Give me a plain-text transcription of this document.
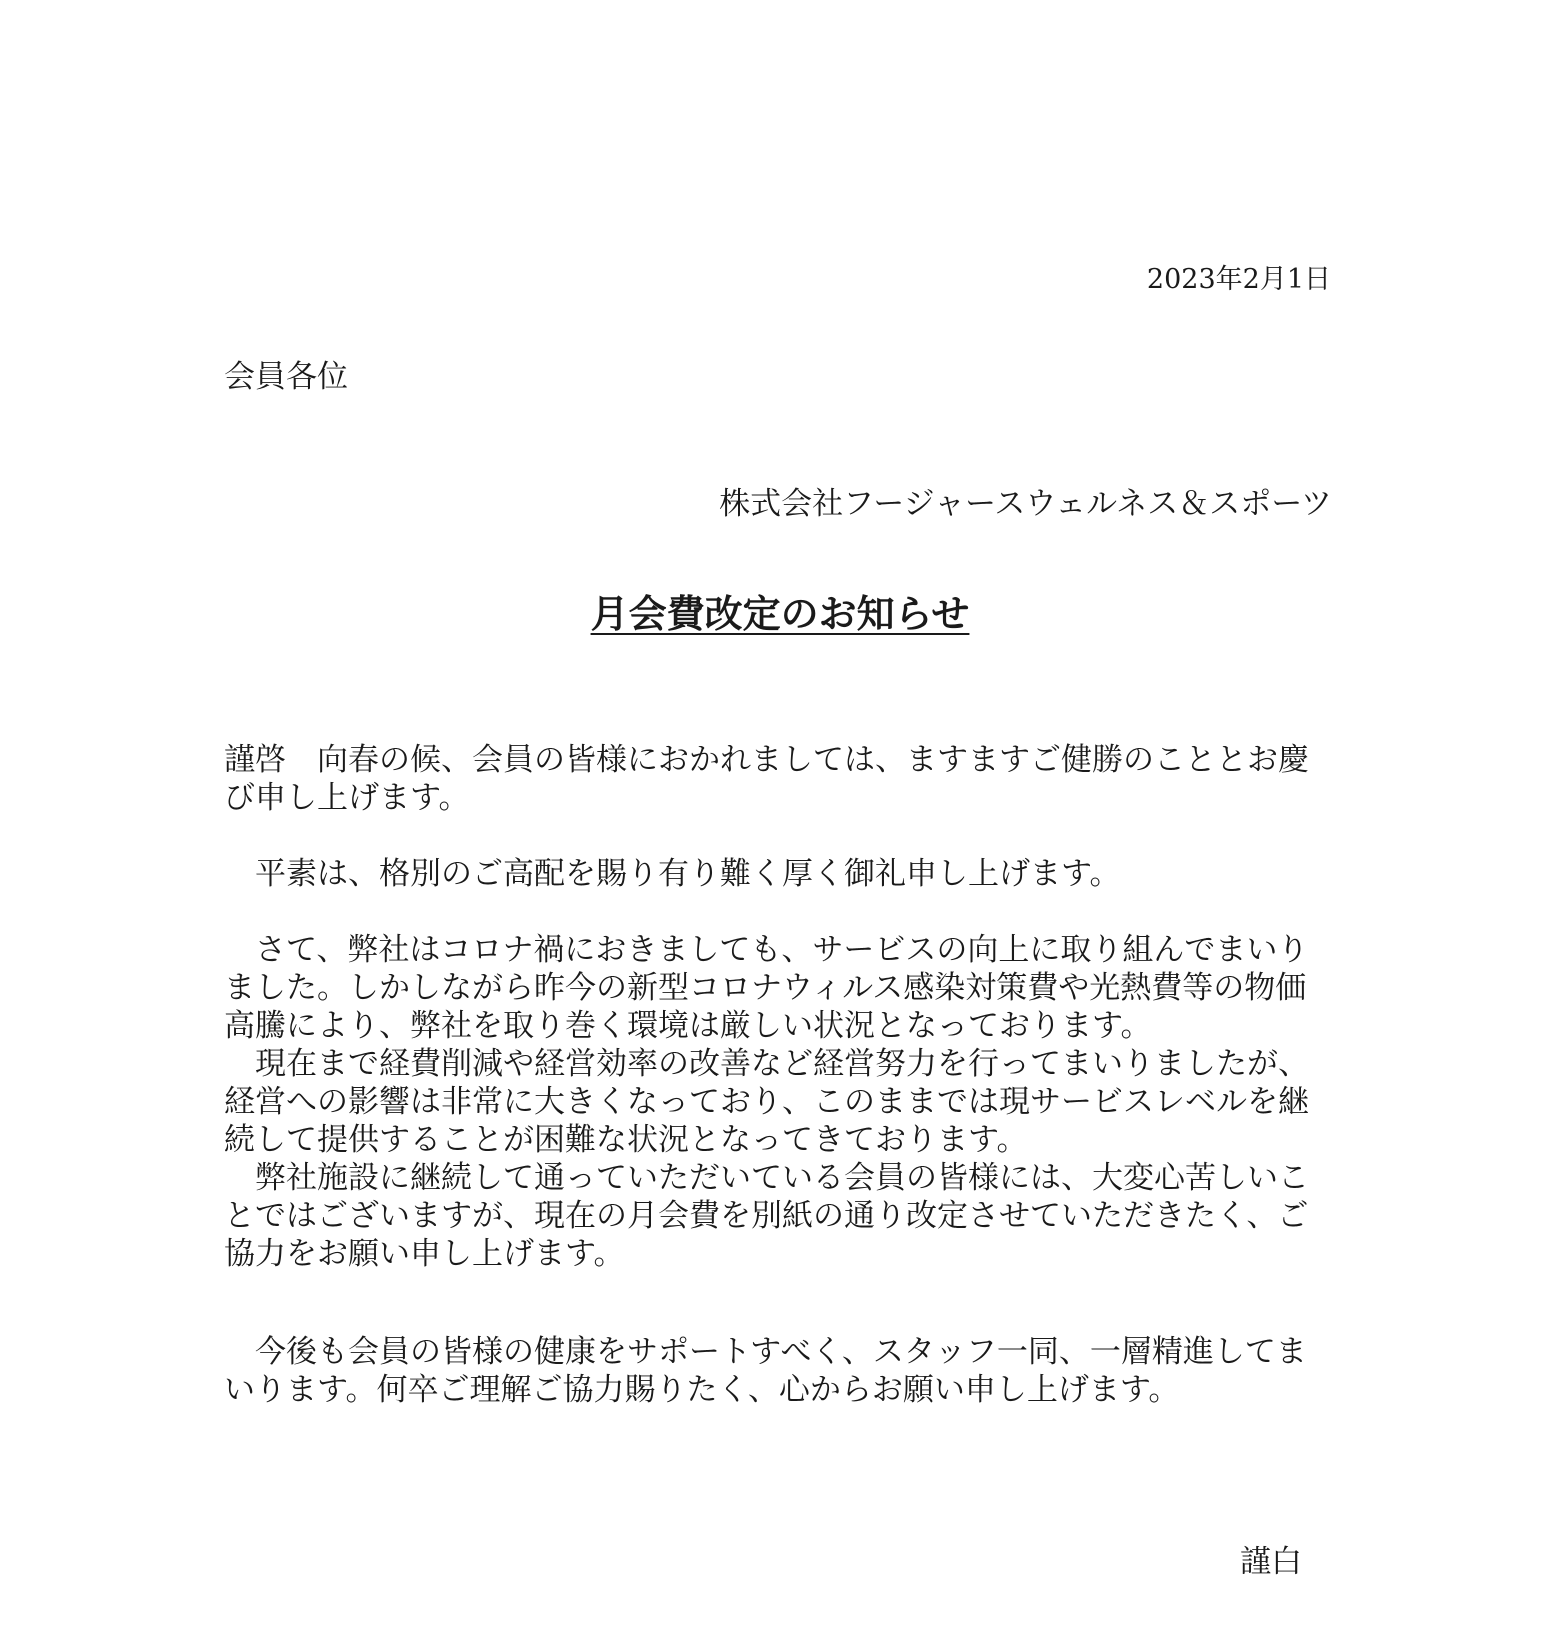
2023年2月1日

会員各位

株式会社フージャースウェルネス＆スポーツ

月会費改定のお知らせ

謹啓　向春の候、会員の皆様におかれましては、ますますご健勝のこととお慶

び申し上げます。

　平素は、格別のご高配を賜り有り難く厚く御礼申し上げます。

　さて、弊社はコロナ禍におきましても、サービスの向上に取り組んでまいり

ました。しかしながら昨今の新型コロナウィルス感染対策費や光熱費等の物価

高騰により、弊社を取り巻く環境は厳しい状況となっております。

　現在まで経費削減や経営効率の改善など経営努力を行ってまいりましたが、

経営への影響は非常に大きくなっており、このままでは現サービスレベルを継

続して提供することが困難な状況となってきております。

　弊社施設に継続して通っていただいている会員の皆様には、大変心苦しいこ

とではございますが、現在の月会費を別紙の通り改定させていただきたく、ご

協力をお願い申し上げます。

　今後も会員の皆様の健康をサポートすべく、スタッフ一同、一層精進してま

いります。何卒ご理解ご協力賜りたく、心からお願い申し上げます。

謹白
